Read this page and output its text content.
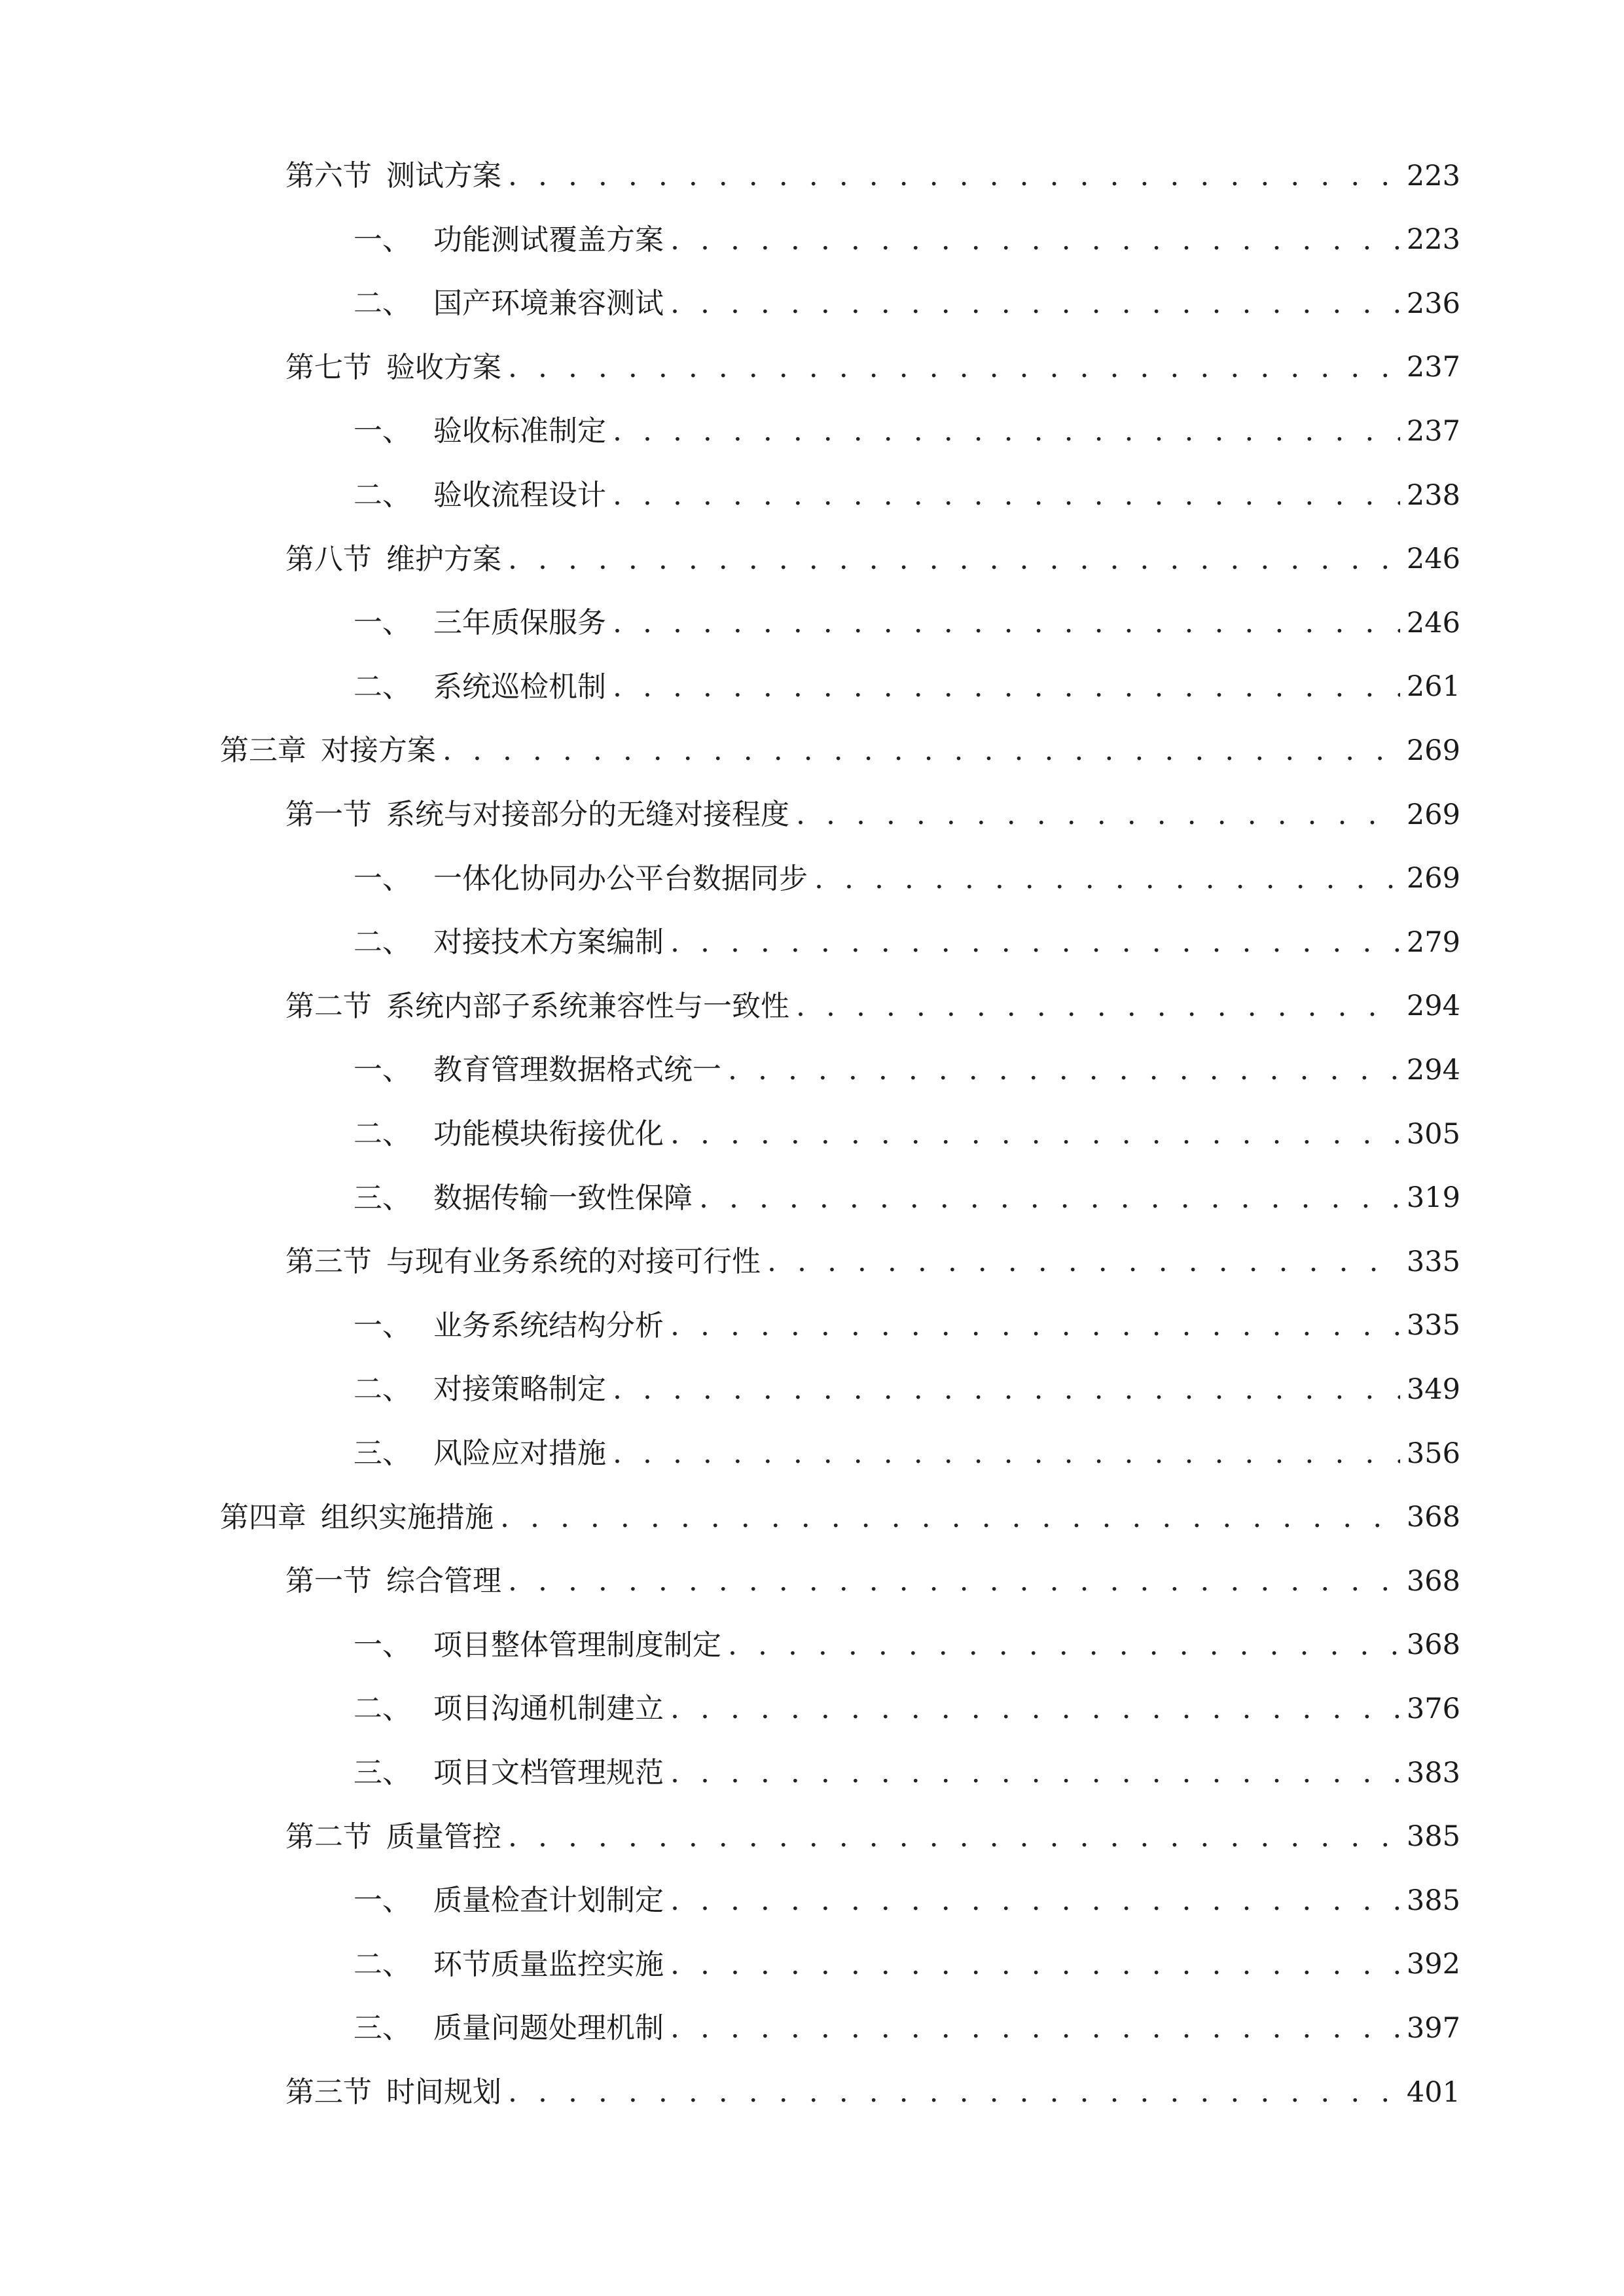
第六节 测试方案 . . .	223
一、 功能测试覆盖方案 . . .	223
二、 国产环境兼容测试 . . .	236
第七节 验收方案 . . .	237
一、 验收标准制定 . . .	237
二、 验收流程设计 . . .	238
第八节 维护方案 . . .	246
一、 三年质保服务 . . .	246
二、 系统巡检机制 . . .	261
第三章 对接方案 . . .	269
第一节 系统与对接部分的无缝对接程度 . . .	269
一、 一体化协同办公平台数据同步 . . .	269
二、 对接技术方案编制 . . .	279
第二节 系统内部子系统兼容性与一致性 . . .	294
一、 教育管理数据格式统一 . . .	294
二、 功能模块衔接优化 . . .	305
三、 数据传输一致性保障 . . .	319
第三节 与现有业务系统的对接可行性 . . .	335
一、 业务系统结构分析 . . .	335
二、 对接策略制定 . . .	349
三、 风险应对措施 . . .	356
第四章 组织实施措施 . . .	368
第一节 综合管理 . . .	368
一、 项目整体管理制度制定 . . .	368
二、 项目沟通机制建立 . . .	376
三、 项目文档管理规范 . . .	383
第二节 质量管控 . . .	385
一、 质量检查计划制定 . . .	385
二、 环节质量监控实施 . . .	392
三、 质量问题处理机制 . . .	397
第三节 时间规划 . . .	401
